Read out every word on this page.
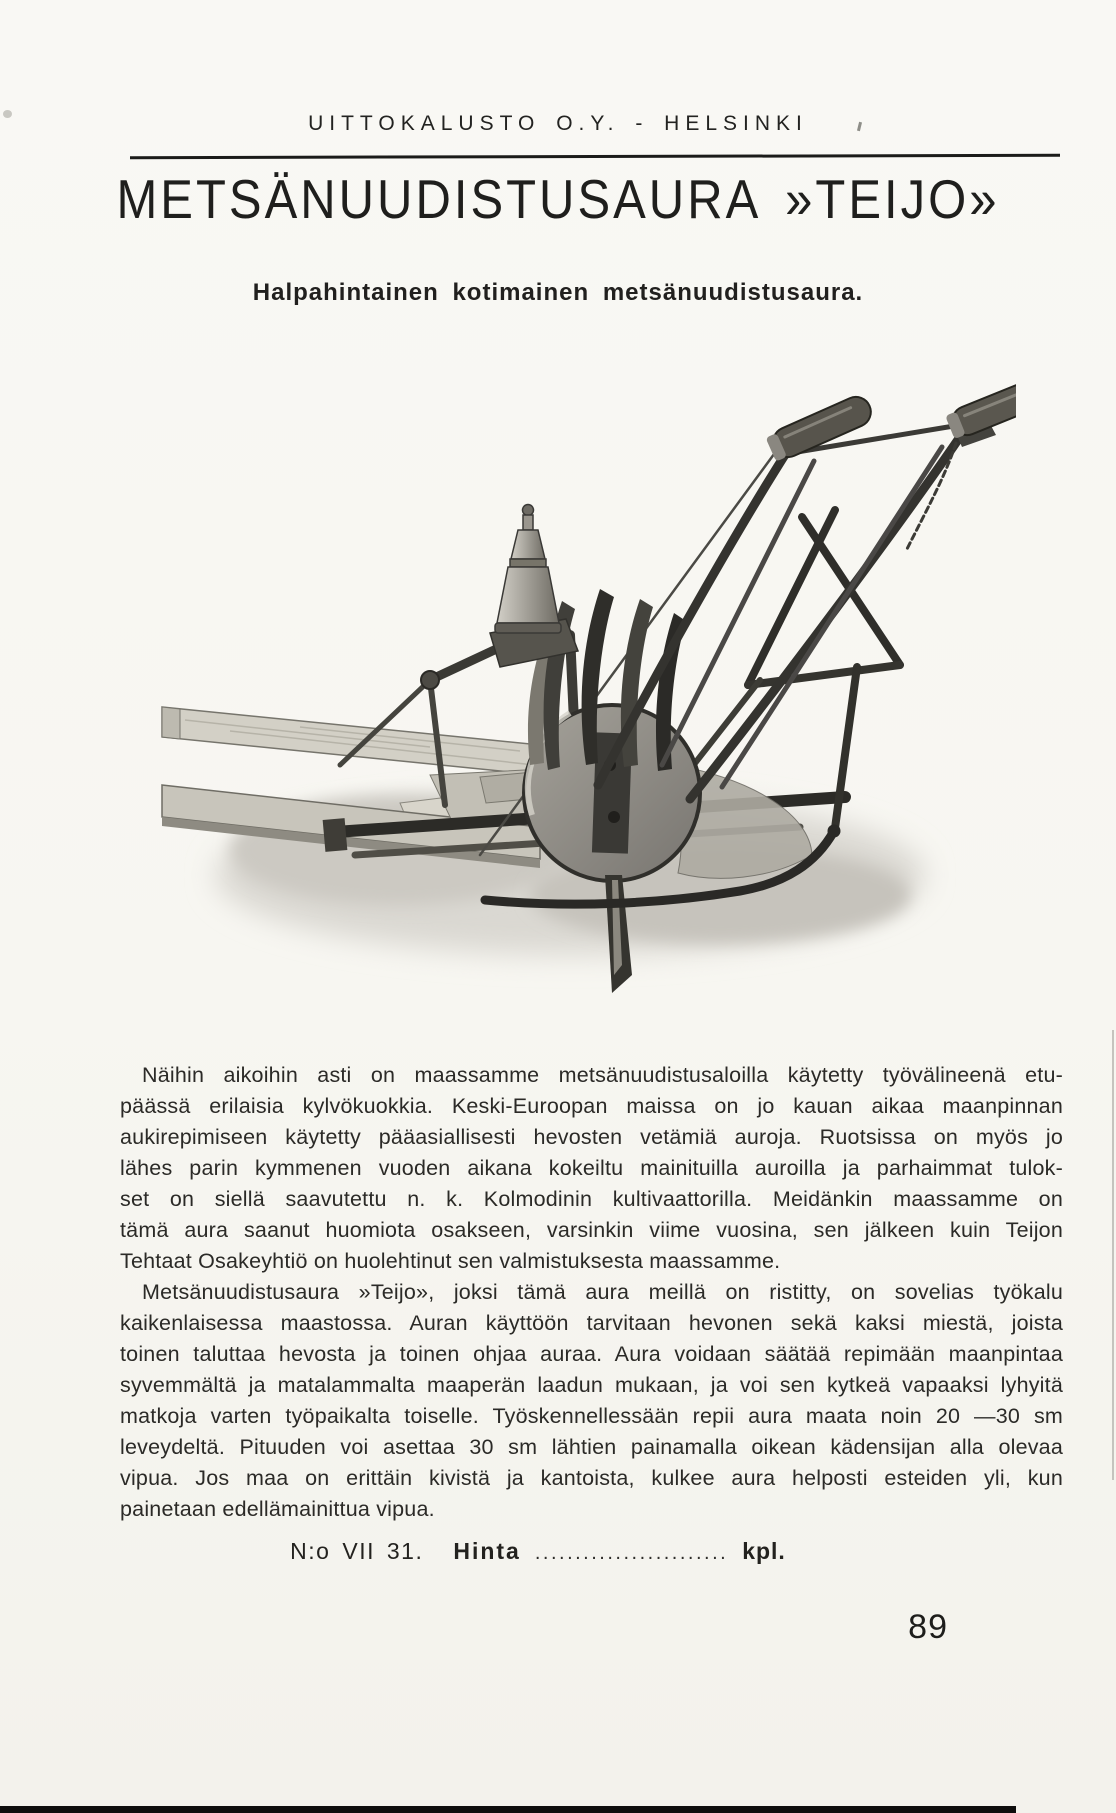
UITTOKALUSTO O.Y. - HELSINKI
METSÄNUUDISTUSAURA »TEIJO»
Halpahintainen kotimainen metsänuudistusaura.
Näihin aikoihin asti on maassamme metsänuudistusaloilla käytetty työvälineenä etu-
päässä erilaisia kylvökuokkia. Keski-Euroopan maissa on jo kauan aikaa maanpinnan
aukirepimiseen käytetty pääasiallisesti hevosten vetämiä auroja. Ruotsissa on myös jo
lähes parin kymmenen vuoden aikana kokeiltu mainituilla auroilla ja parhaimmat tulok-
set on siellä saavutettu n. k. Kolmodinin kultivaattorilla. Meidänkin maassamme on
tämä aura saanut huomiota osakseen, varsinkin viime vuosina, sen jälkeen kuin Teijon
Tehtaat Osakeyhtiö on huolehtinut sen valmistuksesta maassamme.
Metsänuudistusaura »Teijo», joksi tämä aura meillä on ristitty, on sovelias työkalu
kaikenlaisessa maastossa. Auran käyttöön tarvitaan hevonen sekä kaksi miestä, joista
toinen taluttaa hevosta ja toinen ohjaa auraa. Aura voidaan säätää repimään maanpintaa
syvemmältä ja matalammalta maaperän laadun mukaan, ja voi sen kytkeä vapaaksi lyhyitä
matkoja varten työpaikalta toiselle. Työskennellessään repii aura maata noin 20 —30 sm
leveydeltä. Pituuden voi asettaa 30 sm lähtien painamalla oikean kädensijan alla olevaa
vipua. Jos maa on erittäin kivistä ja kantoista, kulkee aura helposti esteiden yli, kun
painetaan edellämainittua vipua.
N:o VII 31. Hinta ........................ kpl.
89
